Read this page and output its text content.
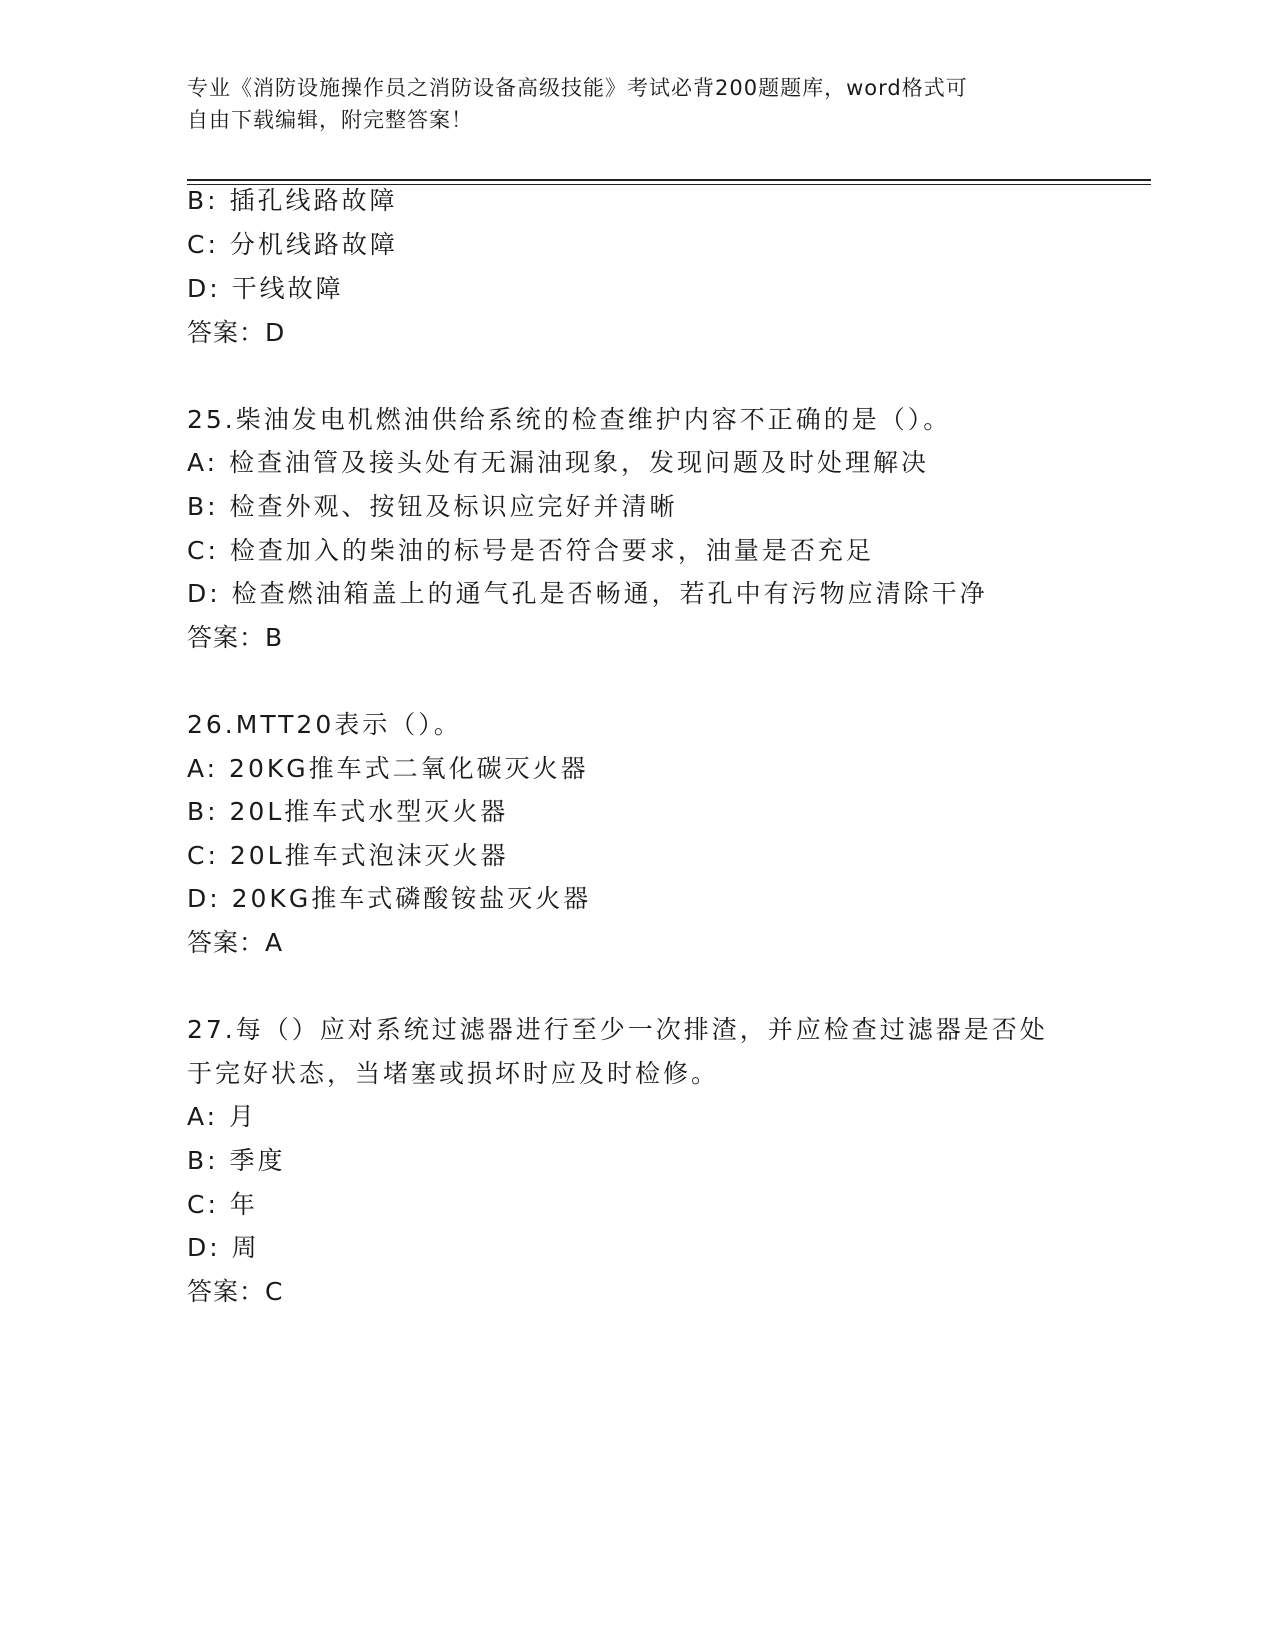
专业《消防设施操作员之消防设备高级技能》考试必背200题题库，word格式可

自由下载编辑，附完整答案！

B: 插孔线路故障
C: 分机线路故障
D: 干线故障
答案：D
25.柴油发电机燃油供给系统的检查维护内容不正确的是（）。
A: 检查油管及接头处有无漏油现象，发现问题及时处理解决
B: 检查外观、按钮及标识应完好并清晰
C: 检查加入的柴油的标号是否符合要求，油量是否充足
D: 检查燃油箱盖上的通气孔是否畅通，若孔中有污物应清除干净
答案：B
26.MTT20表示（）。
A: 20KG推车式二氧化碳灭火器
B: 20L推车式水型灭火器
C: 20L推车式泡沫灭火器
D: 20KG推车式磷酸铵盐灭火器
答案：A
27.每（）应对系统过滤器进行至少一次排渣，并应检查过滤器是否处
于完好状态，当堵塞或损坏时应及时检修。
A: 月
B: 季度
C: 年
D: 周
答案：C
